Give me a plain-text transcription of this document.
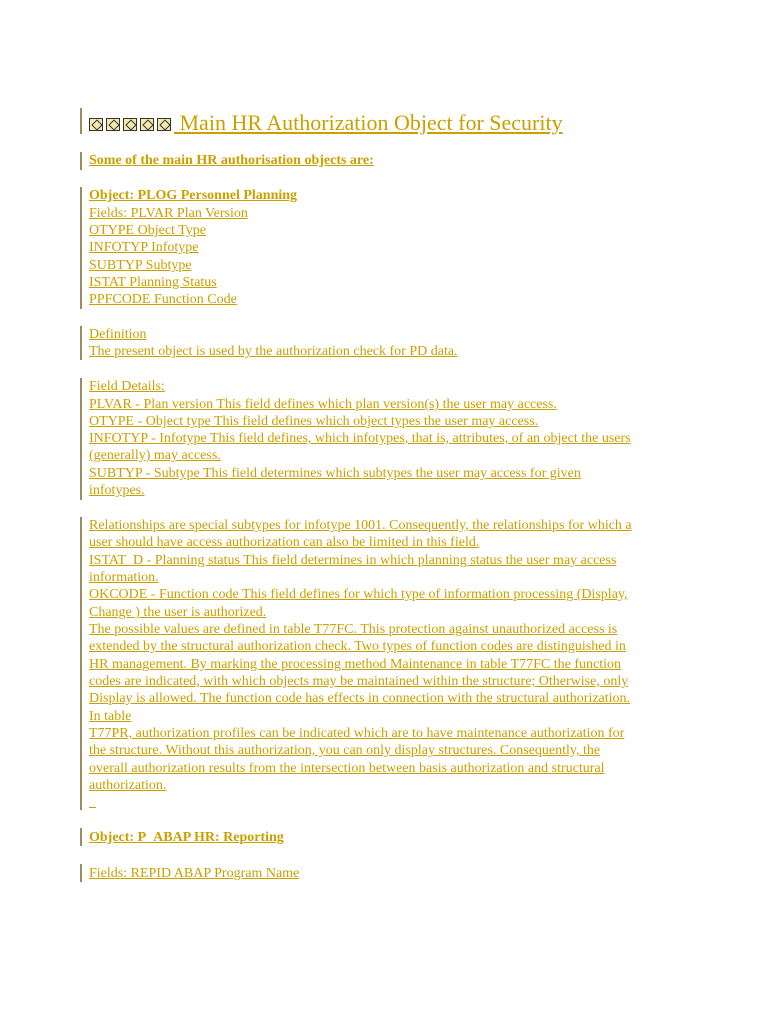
Main HR Authorization Object for Security
Some of the main HR authorisation objects are:
Object: PLOG Personnel Planning
Fields: PLVAR Plan Version
OTYPE Object Type
INFOTYP Infotype
SUBTYP Subtype
ISTAT Planning Status
PPFCODE Function Code
Definition
The present object is used by the authorization check for PD data.
Field Details:
PLVAR - Plan version This field defines which plan version(s) the user may access.
OTYPE - Object type This field defines which object types the user may access.
INFOTYP - Infotype This field defines, which infotypes, that is, attributes, of an object the users
(generally) may access.
SUBTYP - Subtype This field determines which subtypes the user may access for given
infotypes.
Relationships are special subtypes for infotype 1001. Consequently, the relationships for which a
user should have access authorization can also be limited in this field.
ISTAT_D - Planning status This field determines in which planning status the user may access
information.
OKCODE - Function code This field defines for which type of information processing (Display,
Change ) the user is authorized.
The possible values are defined in table T77FC. This protection against unauthorized access is
extended by the structural authorization check. Two types of function codes are distinguished in
HR management. By marking the processing method Maintenance in table T77FC the function
codes are indicated, with which objects may be maintained within the structure; Otherwise, only
Display is allowed. The function code has effects in connection with the structural authorization.
In table
T77PR, authorization profiles can be indicated which are to have maintenance authorization for
the structure. Without this authorization, you can only display structures. Consequently, the
overall authorization results from the intersection between basis authorization and structural
authorization.
_
Object: P_ABAP HR: Reporting
Fields: REPID ABAP Program Name
